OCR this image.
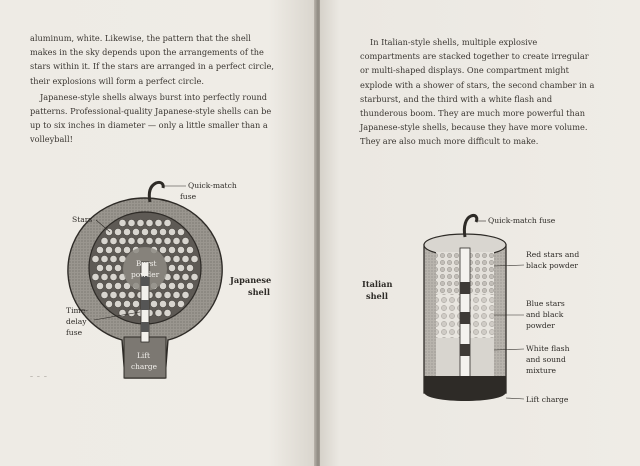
aluminum, white. Likewise, the pattern that the shell makes in the sky depends upon the arrangements of the stars within it. If the stars are arranged in a perfect circle, their explosions will form a perfect circle.

Japanese-style shells always burst into perfectly round patterns. Professional-quality Japanese-style shells can be up to six inches in diameter — only a little smaller than a volleyball!

Quick-match
fuse
Stars
Burst
powder
Time-
delay
fuse
Lift
charge
Japanese
shell
– – –

In Italian-style shells, multiple explosive compartments are stacked together to create irregular or multi-shaped displays. One compartment might explode with a shower of stars, the second chamber in a starburst, and the third with a white flash and thunderous boom. They are much more powerful than Japanese-style shells, because they have more volume. They are also much more difficult to make.

Quick-match fuse
Red stars and
black powder
Blue stars
and black
powder
White flash
and sound
mixture
Lift charge
Italian
shell
